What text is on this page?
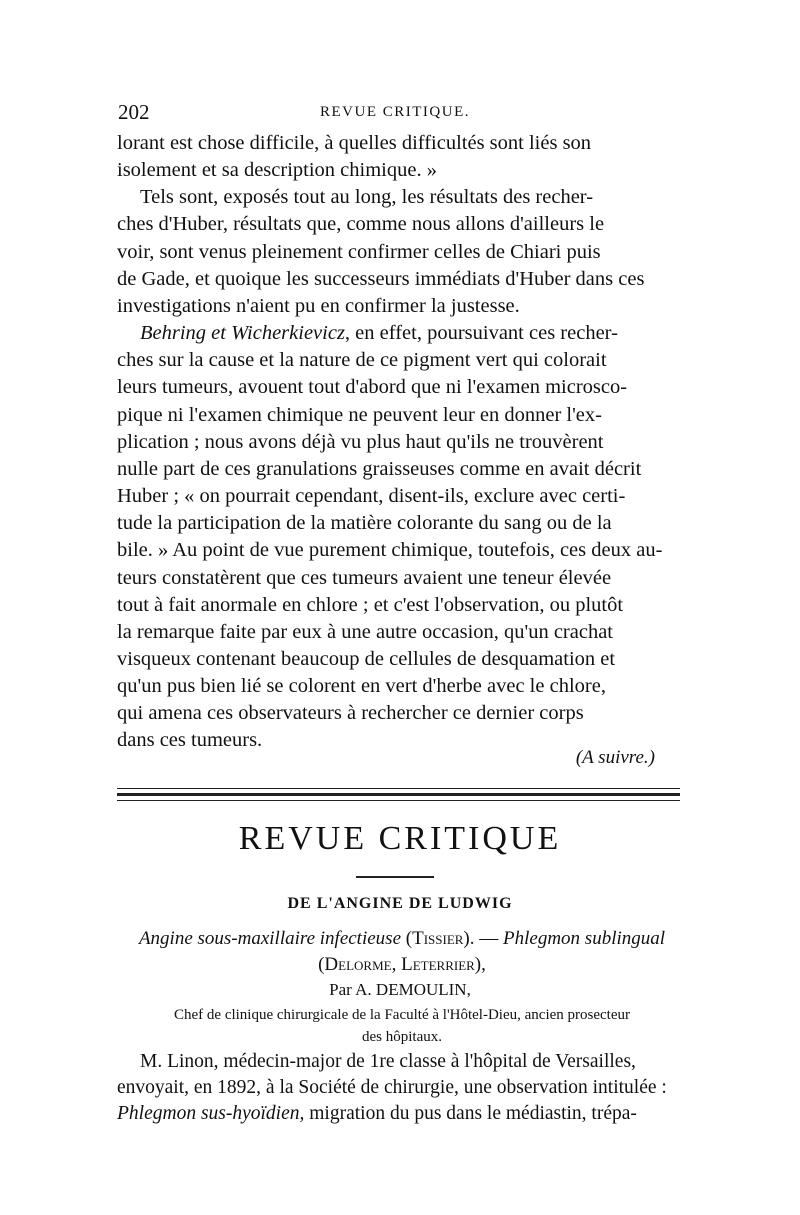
202	REVUE CRITIQUE.

lorant est chose difficile, à quelles difficultés sont liés son

isolement et sa description chimique. »

Tels sont, exposés tout au long, les résultats des recher-

ches d'Huber, résultats que, comme nous allons d'ailleurs le

voir, sont venus pleinement confirmer celles de Chiari puis

de Gade, et quoique les successeurs immédiats d'Huber dans ces

investigations n'aient pu en confirmer la justesse.

Behring et Wicherkievicz, en effet, poursuivant ces recher-

ches sur la cause et la nature de ce pigment vert qui colorait

leurs tumeurs, avouent tout d'abord que ni l'examen microsco-

pique ni l'examen chimique ne peuvent leur en donner l'ex-

plication ; nous avons déjà vu plus haut qu'ils ne trouvèrent

nulle part de ces granulations graisseuses comme en avait décrit

Huber ; « on pourrait cependant, disent-ils, exclure avec certi-

tude la participation de la matière colorante du sang ou de la

bile. » Au point de vue purement chimique, toutefois, ces deux au-

teurs constatèrent que ces tumeurs avaient une teneur élevée

tout à fait anormale en chlore ; et c'est l'observation, ou plutôt

la remarque faite par eux à une autre occasion, qu'un crachat

visqueux contenant beaucoup de cellules de desquamation et

qu'un pus bien lié se colorent en vert d'herbe avec le chlore,

qui amena ces observateurs à rechercher ce dernier corps

dans ces tumeurs.

(A suivre.)
REVUE CRITIQUE
DE L'ANGINE DE LUDWIG
Angine sous-maxillaire infectieuse (Tissier). — Phlegmon sublingual
(Delorme, Leterrier),
Par A. DEMOULIN,
Chef de clinique chirurgicale de la Faculté à l'Hôtel-Dieu, ancien prosecteur
des hôpitaux.

M. Linon, médecin-major de 1re classe à l'hôpital de Versailles,

envoyait, en 1892, à la Société de chirurgie, une observation intitulée :

Phlegmon sus-hyoïdien, migration du pus dans le médiastin, trépa-
